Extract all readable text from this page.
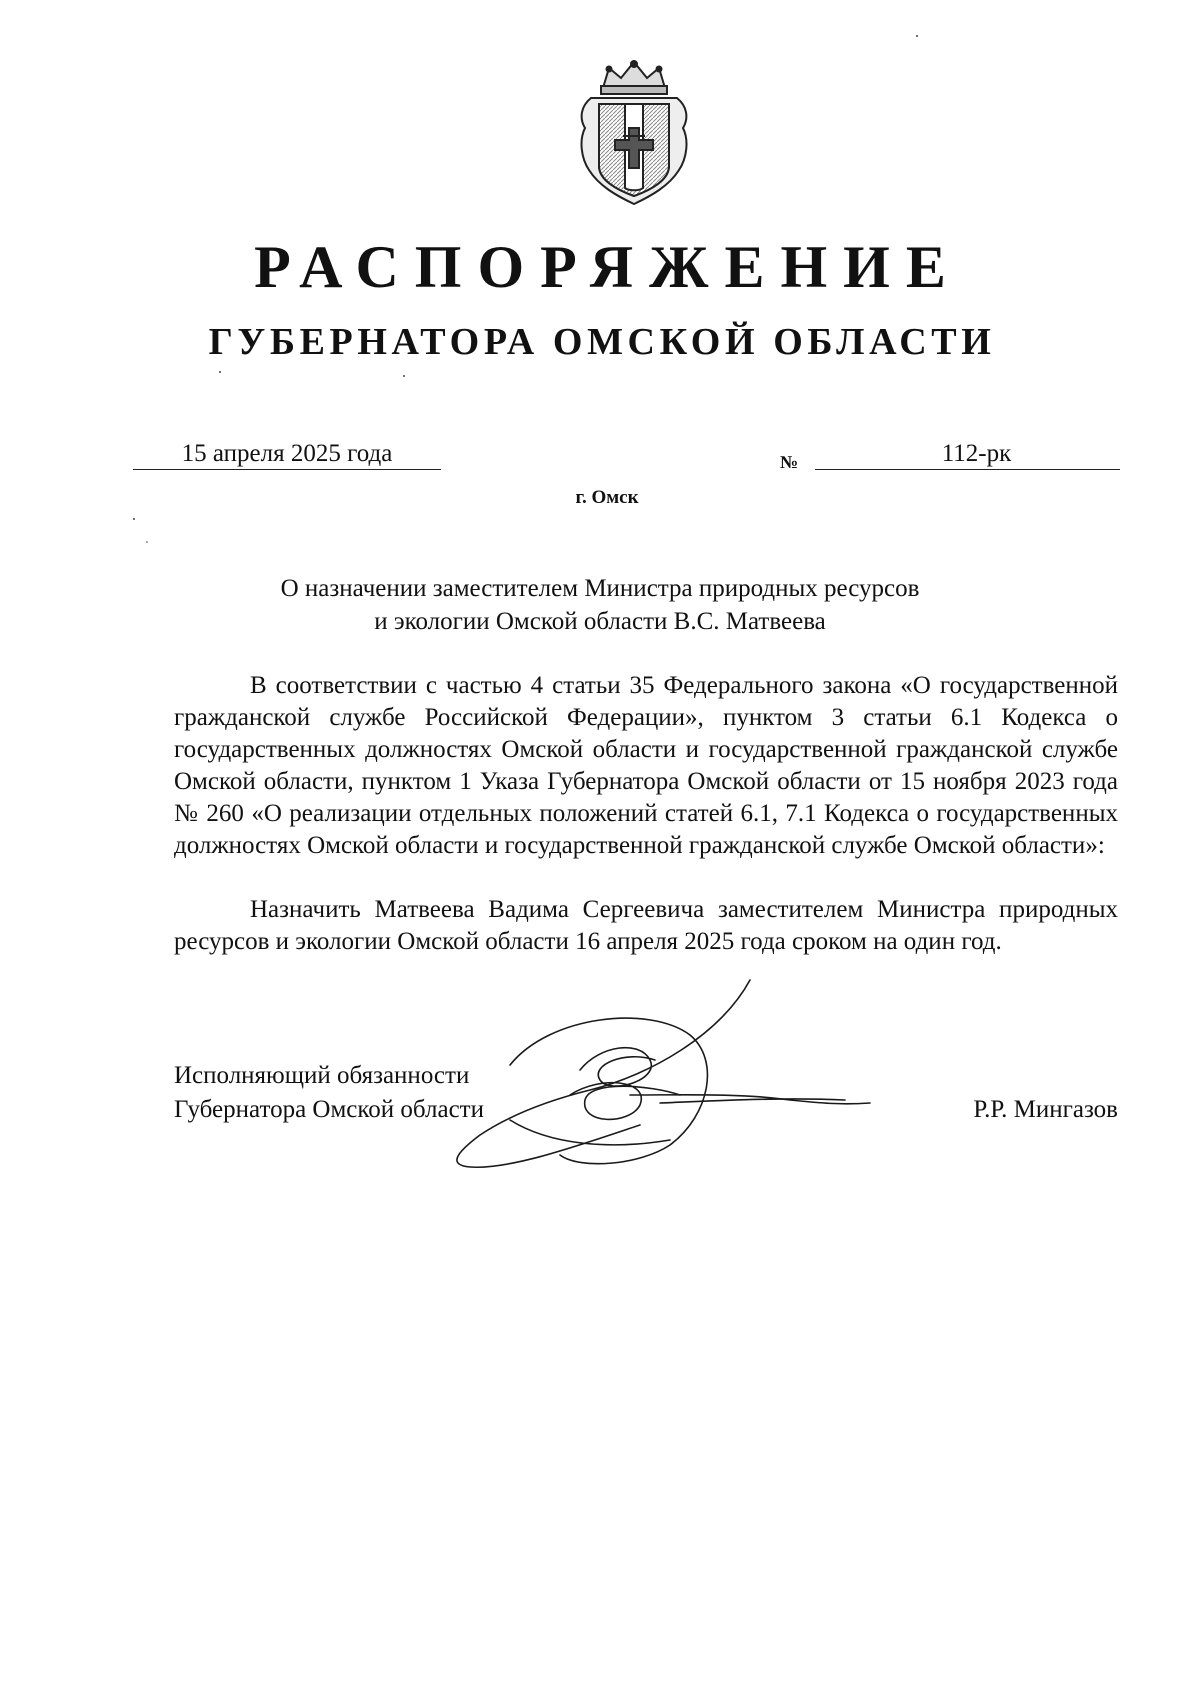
РАСПОРЯЖЕНИЕ
ГУБЕРНАТОРА ОМСКОЙ ОБЛАСТИ
15 апреля 2025 года	№	112-рк
г. Омск
О назначении заместителем Министра природных ресурсов
и экологии Омской области В.С. Матвеева

В соответствии с частью 4 статьи 35 Федерального закона «О государственной гражданской службе Российской Федерации», пунктом 3 статьи 6.1 Кодекса о государственных должностях Омской области и государственной гражданской службе Омской области, пунктом 1 Указа Губернатора Омской области от 15 ноября 2023 года № 260 «О реализации отдельных положений статей 6.1, 7.1 Кодекса о государственных должностях Омской области и государственной гражданской службе Омской области»:

Назначить Матвеева Вадима Сергеевича заместителем Министра природных ресурсов и экологии Омской области 16 апреля 2025 года сроком на один год.

Исполняющий обязанности
Губернатора Омской области	Р.Р. Мингазов
